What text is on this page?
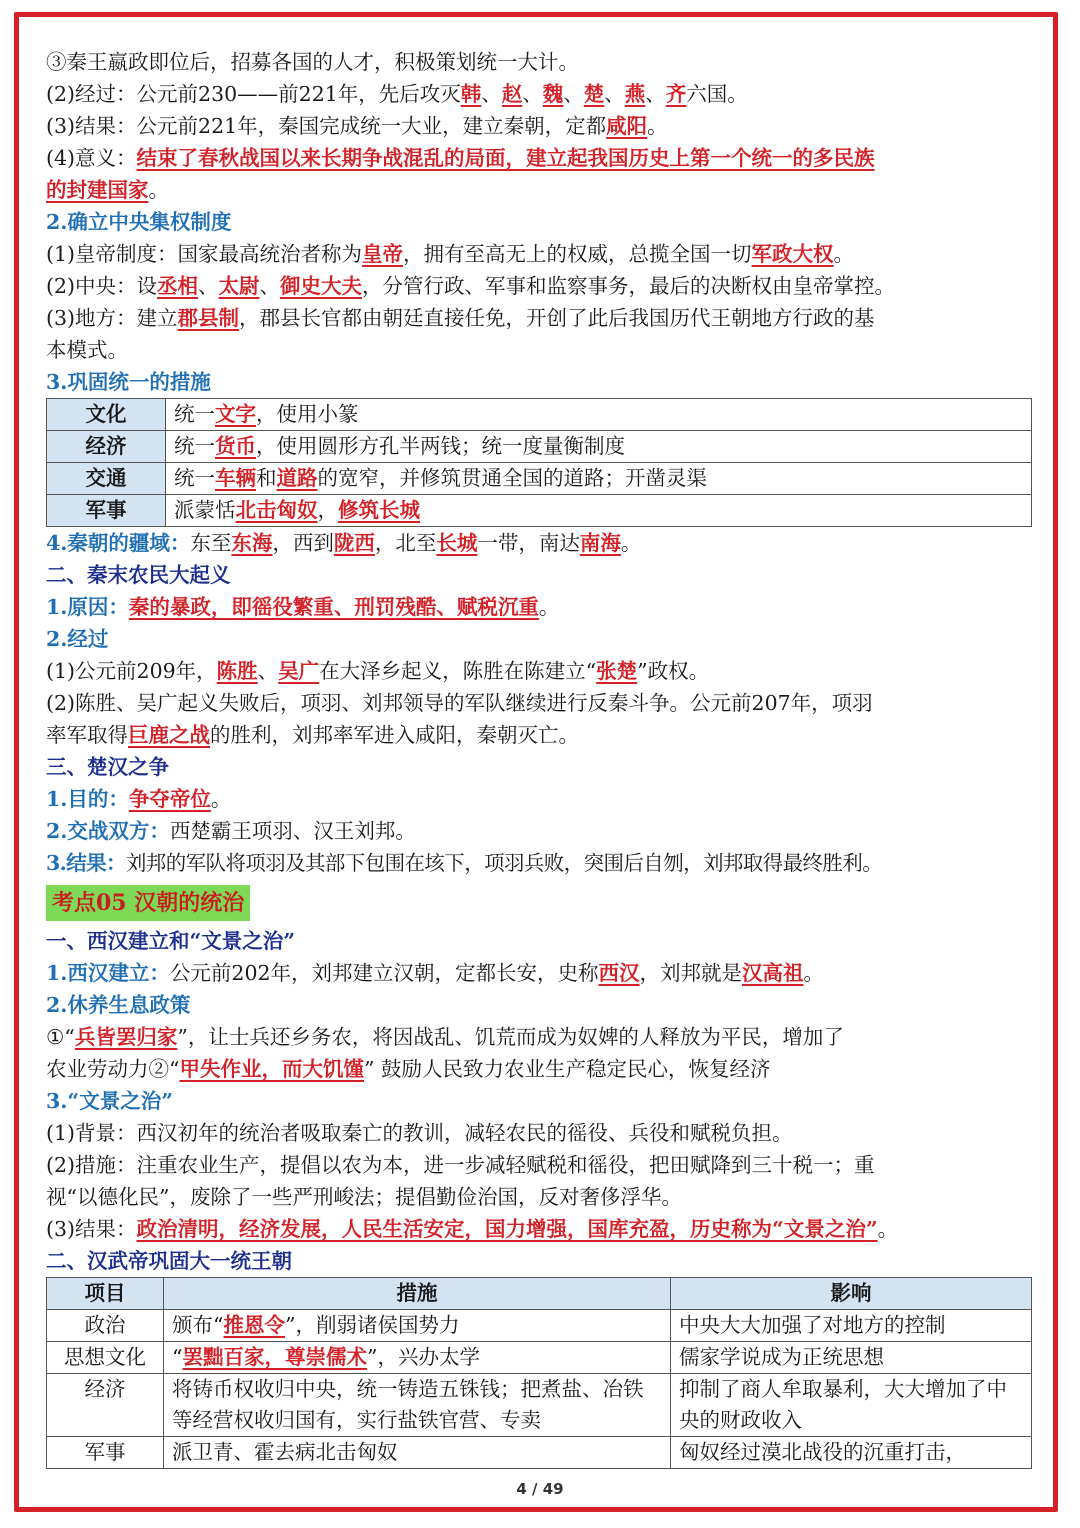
③秦王嬴政即位后，招募各国的人才，积极策划统一大计。
(2)经过：公元前230——前221年，先后攻灭韩、赵、魏、楚、燕、齐六国。
(3)结果：公元前221年，秦国完成统一大业，建立秦朝，定都咸阳。
(4)意义：结束了春秋战国以来长期争战混乱的局面，建立起我国历史上第一个统一的多民族
的封建国家。
2.确立中央集权制度
(1)皇帝制度：国家最高统治者称为皇帝，拥有至高无上的权威，总揽全国一切军政大权。
(2)中央：设丞相、太尉、御史大夫，分管行政、军事和监察事务，最后的决断权由皇帝掌控。
(3)地方：建立郡县制，郡县长官都由朝廷直接任免，开创了此后我国历代王朝地方行政的基
本模式。
3.巩固统一的措施
文化	统一文字，使用小篆
经济	统一货币，使用圆形方孔半两钱；统一度量衡制度
交通	统一车辆和道路的宽窄，并修筑贯通全国的道路；开凿灵渠
军事	派蒙恬北击匈奴，修筑长城
4.秦朝的疆域：东至东海，西到陇西，北至长城一带，南达南海。
二、秦末农民大起义
1.原因：秦的暴政，即徭役繁重、刑罚残酷、赋税沉重。
2.经过
(1)公元前209年，陈胜、吴广在大泽乡起义，陈胜在陈建立“张楚”政权。
(2)陈胜、吴广起义失败后，项羽、刘邦领导的军队继续进行反秦斗争。公元前207年，项羽
率军取得巨鹿之战的胜利，刘邦率军进入咸阳，秦朝灭亡。
三、楚汉之争
1.目的：争夺帝位。
2.交战双方：西楚霸王项羽、汉王刘邦。
3.结果：刘邦的军队将项羽及其部下包围在垓下，项羽兵败，突围后自刎，刘邦取得最终胜利。
考点05 汉朝的统治
一、西汉建立和“文景之治”
1.西汉建立：公元前202年，刘邦建立汉朝，定都长安，史称西汉，刘邦就是汉高祖。
2.休养生息政策
①“兵皆罢归家”，让士兵还乡务农，将因战乱、饥荒而成为奴婢的人释放为平民，增加了
农业劳动力②“甲失作业，而大饥馑” 鼓励人民致力农业生产稳定民心，恢复经济
3.“文景之治”
(1)背景：西汉初年的统治者吸取秦亡的教训，减轻农民的徭役、兵役和赋税负担。
(2)措施：注重农业生产，提倡以农为本，进一步减轻赋税和徭役，把田赋降到三十税一；重
视“以德化民”，废除了一些严刑峻法；提倡勤俭治国，反对奢侈浮华。
(3)结果：政治清明，经济发展，人民生活安定，国力增强，国库充盈，历史称为“文景之治”。
二、汉武帝巩固大一统王朝
项目	措施	影响
政治	颁布“推恩令”，削弱诸侯国势力	中央大大加强了对地方的控制
思想文化	“罢黜百家，尊崇儒术”，兴办太学	儒家学说成为正统思想
经济	将铸币权收归中央，统一铸造五铢钱；把煮盐、冶铁等经营权收归国有，实行盐铁官营、专卖	抑制了商人牟取暴利，大大增加了中央的财政收入
军事	派卫青、霍去病北击匈奴	匈奴经过漠北战役的沉重打击，
4 / 49
